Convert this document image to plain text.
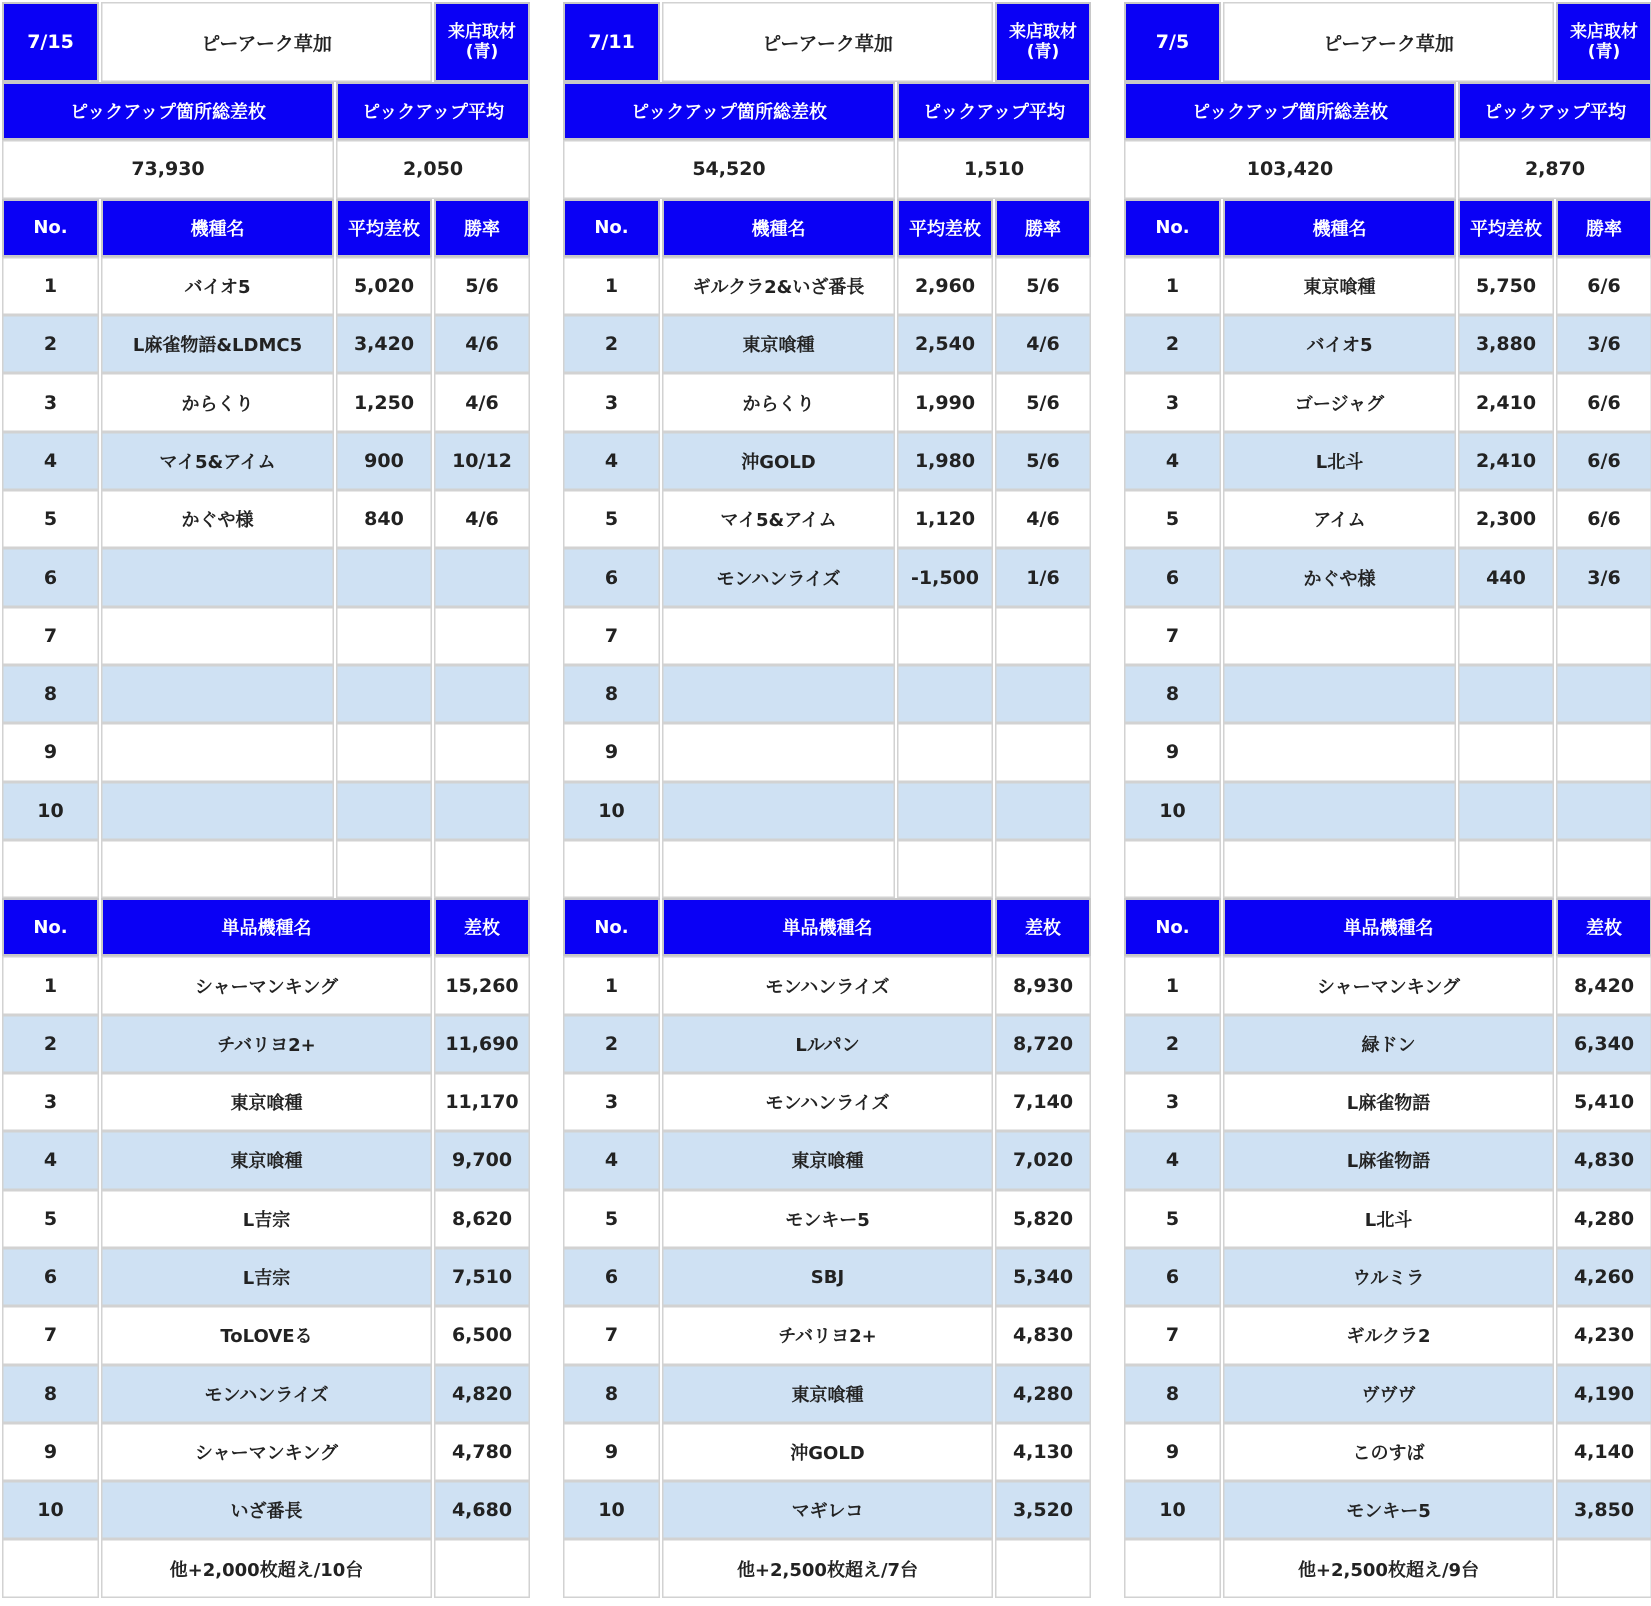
7/15	ピーアーク草加
来店取材
(青)
ピックアップ箇所総差枚	ピックアップ平均
73,930	2,050
No.	機種名	平均差枚	勝率
1	バイオ5	5,020	5/6
2	L麻雀物語&LDMC5	3,420	4/6
3	からくり	1,250	4/6
4	マイ5&アイム	900	10/12
5	かぐや様	840	4/6
6
7
8
9
10
No.	単品機種名	差枚
1	シャーマンキング	15,260
2	チバリヨ2+	11,690
3	東京喰種	11,170
4	東京喰種	9,700
5	L吉宗	8,620
6	L吉宗	7,510
7	ToLOVEる	6,500
8	モンハンライズ	4,820
9	シャーマンキング	4,780
10	いざ番長	4,680
他+2,000枚超え/10台
7/11	ピーアーク草加
来店取材
(青)
ピックアップ箇所総差枚	ピックアップ平均
54,520	1,510
No.	機種名	平均差枚	勝率
1	ギルクラ2&いざ番長	2,960	5/6
2	東京喰種	2,540	4/6
3	からくり	1,990	5/6
4	沖GOLD	1,980	5/6
5	マイ5&アイム	1,120	4/6
6	モンハンライズ	-1,500	1/6
7
8
9
10
No.	単品機種名	差枚
1	モンハンライズ	8,930
2	Lルパン	8,720
3	モンハンライズ	7,140
4	東京喰種	7,020
5	モンキー5	5,820
6	SBJ	5,340
7	チバリヨ2+	4,830
8	東京喰種	4,280
9	沖GOLD	4,130
10	マギレコ	3,520
他+2,500枚超え/7台
7/5	ピーアーク草加
来店取材
(青)
ピックアップ箇所総差枚	ピックアップ平均
103,420	2,870
No.	機種名	平均差枚	勝率
1	東京喰種	5,750	6/6
2	バイオ5	3,880	3/6
3	ゴージャグ	2,410	6/6
4	L北斗	2,410	6/6
5	アイム	2,300	6/6
6	かぐや様	440	3/6
7
8
9
10
No.	単品機種名	差枚
1	シャーマンキング	8,420
2	緑ドン	6,340
3	L麻雀物語	5,410
4	L麻雀物語	4,830
5	L北斗	4,280
6	ウルミラ	4,260
7	ギルクラ2	4,230
8	ヴヴヴ	4,190
9	このすば	4,140
10	モンキー5	3,850
他+2,500枚超え/9台
